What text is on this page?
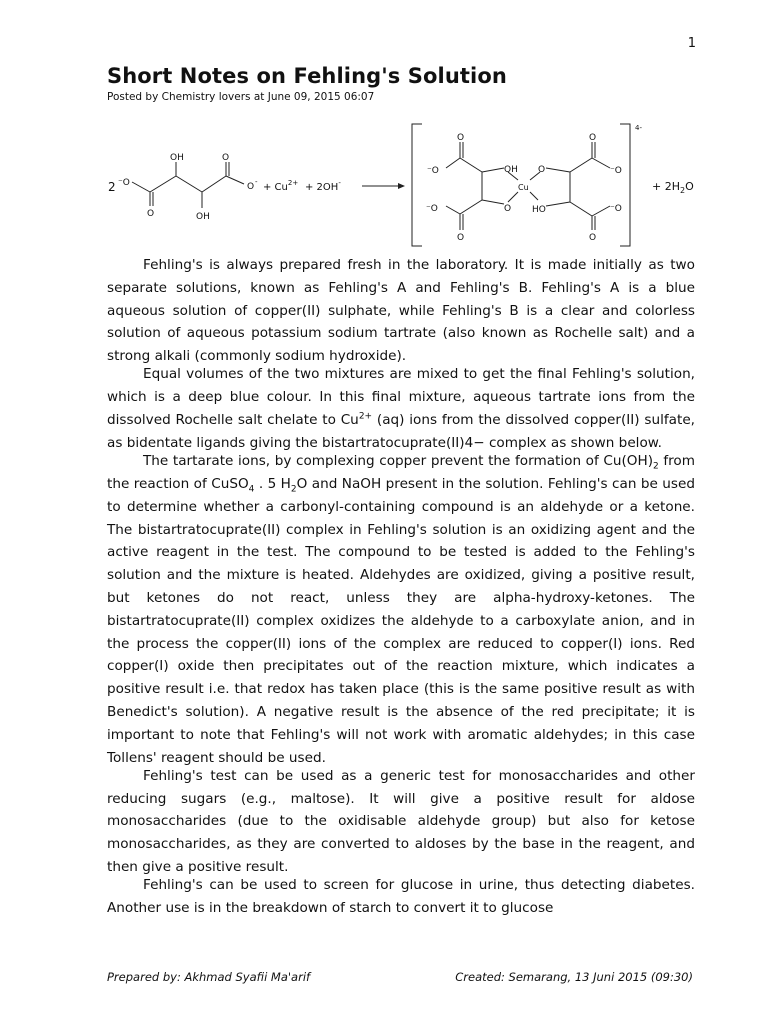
1
Short Notes on Fehling's Solution
Posted by Chemistry lovers at June 09, 2015 06:07
2 ⁻O
OH
O	OH
O
O - + $Cu^{2+} + 2OH^-$
4-
⁻O
O
OH
⁻O	O
O
Cu
O
HO
O
⁻O
⁻O
O
+ $2H_2O$

Fehling's is always prepared fresh in the laboratory. It is made initially as two separate solutions, known as Fehling's A and Fehling's B. Fehling's A is a blue aqueous solution of copper(II) sulphate, while Fehling's B is a clear and colorless solution of aqueous potassium sodium tartrate (also known as Rochelle salt) and a strong alkali (commonly sodium hydroxide).

Equal volumes of the two mixtures are mixed to get the final Fehling's solution, which is a deep blue colour. In this final mixture, aqueous tartrate ions from the dissolved Rochelle salt chelate to $Cu^{2+}$ (aq) ions from the dissolved copper(II) sulfate, as bidentate ligands giving the bistartratocuprate(II)4− complex as shown below.

The tartarate ions, by complexing copper prevent the formation of $Cu(OH)_2$ from the reaction of CuSO$_4$ . 5 $H_2O$ and NaOH present in the solution. Fehling's can be used to determine whether a carbonyl-containing compound is an aldehyde or a ketone. The bistartratocuprate(II) complex in Fehling's solution is an oxidizing agent and the active reagent in the test. The compound to be tested is added to the Fehling's solution and the mixture is heated. Aldehydes are oxidized, giving a positive result, but ketones do not react, unless they are alpha-hydroxy-ketones. The bistartratocuprate(II) complex oxidizes the aldehyde to a carboxylate anion, and in the process the copper(II) ions of the complex are reduced to copper(I) ions. Red copper(I) oxide then precipitates out of the reaction mixture, which indicates a positive result i.e. that redox has taken place (this is the same positive result as with Benedict's solution). A negative result is the absence of the red precipitate; it is important to note that Fehling's will not work with aromatic aldehydes; in this case Tollens' reagent should be used.

Fehling's test can be used as a generic test for monosaccharides and other reducing sugars (e.g., maltose). It will give a positive result for aldose monosaccharides (due to the oxidisable aldehyde group) but also for ketose monosaccharides, as they are converted to aldoses by the base in the reagent, and then give a positive result.

Fehling's can be used to screen for glucose in urine, thus detecting diabetes. Another use is in the breakdown of starch to convert it to glucose

Prepared by: Akhmad Syafii Ma'arif	Created: Semarang, 13 Juni 2015 (09:30)
